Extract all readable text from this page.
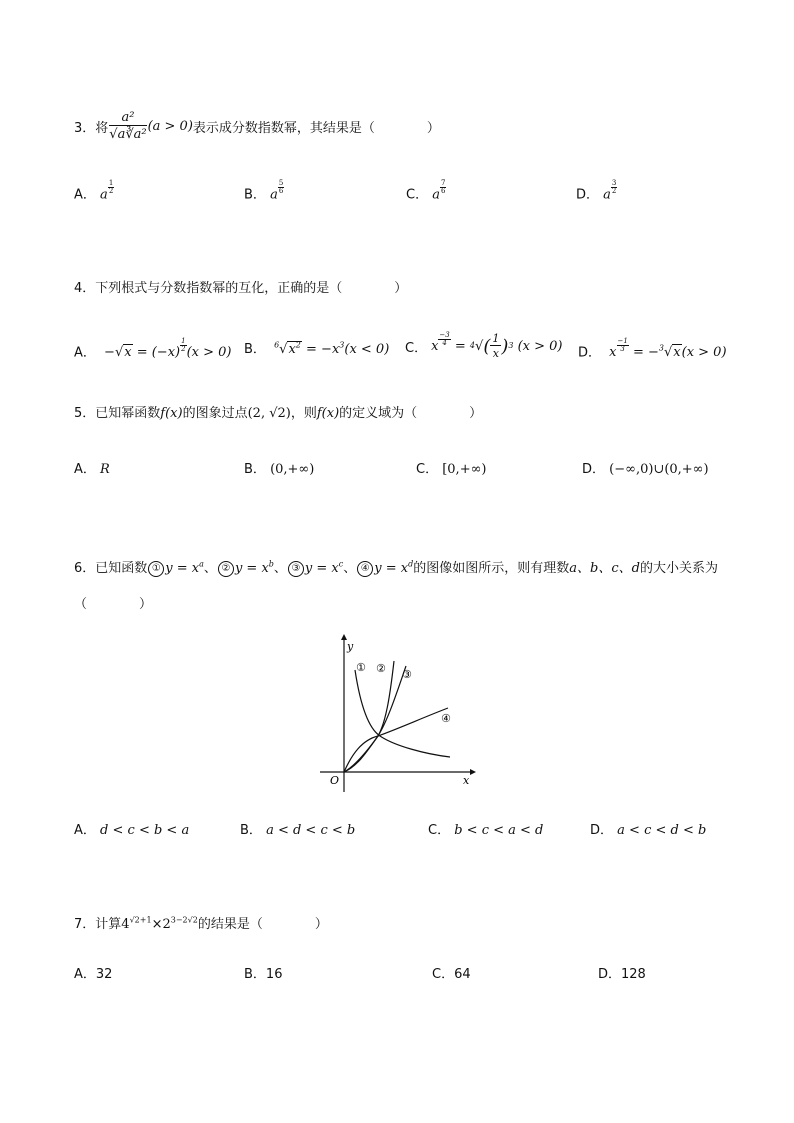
3． 将 $\frac{\text{a²}}{\text{√a∛a²}} (a > 0)$ 表示成分数指数幂，其结果是（　　　　）
A． a $\frac{1}{2}$	B． a $\frac{5}{6}$	C． a $\frac{7}{6}$	D． a $\frac{3}{2}$
4．下列根式与分数指数幂的互化，正确的是（　　　　）
A． $-√x = (-x) \frac{1}{2} (x > 0)$ B． $^6√x^2 = -x^3(x < 0)$ C． x
−3
4 = 4 √ ( $\frac{1}{x}$ ) 3 (x > 0) D． x $\frac{-1}{3} = -^3√x(x > 0)$
5．已知幂函数f(x)的图象过点(2, √2)，则f(x)的定义域为（　　　　）
A． R	B． (0,+∞)	C． [0,+∞)	D． (−∞,0)∪(0,+∞)
6．已知函数 ① $y = x^a$、 ② $y = x^b$、 ③ $y = x^c$、 ④ $y = x^d$的图像如图所示，则有理数a、b、c、d的大小关系为
（　　　　）
y
x
O
① ② ③
④
A． d < c < b < a	B． a < d < c < b	C． b < c < a < d	D． a < c < d < b
7．计算$4^{√2+1}\times 2^{3-2√2}$的结果是（　　　　）
A．32	B．16	C．64	D．128
